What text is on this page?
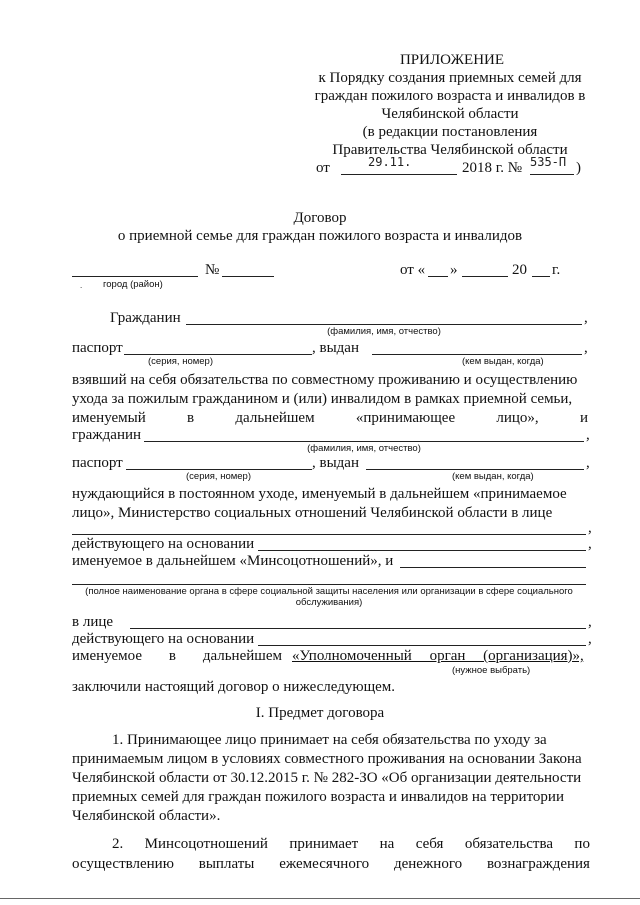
ПРИЛОЖЕНИЕ
к Порядку создания приемных семей для
граждан пожилого возраста и инвалидов в
Челябинской области
(в редакции постановления
Правительства Челябинской области
от	29.11.	2018 г. № 535-П )
Договор
о приемной семье для граждан пожилого возраста и инвалидов
№	от « »	20 г.
. город (район)
Гражданин	,
(фамилия, имя, отчество)
паспорт	, выдан	,
(серия, номер)	(кем выдан, когда)
взявший на себя обязательства по совместному проживанию и осуществлению
ухода за пожилым гражданином и (или) инвалидом в рамках приемной семьи,
именуемый	в	дальнейшем	«принимающее	лицо»,	и
гражданин	,
(фамилия, имя, отчество)
паспорт	, выдан	,
(серия, номер)	(кем выдан, когда)
нуждающийся в постоянном уходе, именуемый в дальнейшем «принимаемое
лицо», Министерство социальных отношений Челябинской области в лице
,
действующего на основании	,
именуемое в дальнейшем «Минсоцотношений», и
(полное наименование органа в сфере социальной защиты населения или организации в сфере социального
обслуживания)
в лице	,
действующего на основании	,
именуемое в дальнейшем «Уполномоченный орган (организация)»,
(нужное выбрать)
заключили настоящий договор о нижеследующем.
I. Предмет договора
1. Принимающее лицо принимает на себя обязательства по уходу за
принимаемым лицом в условиях совместного проживания на основании Закона
Челябинской области от 30.12.2015 г. № 282-ЗО «Об организации деятельности
приемных семей для граждан пожилого возраста и инвалидов на территории
Челябинской области».
2. Минсоцотношений принимает на себя обязательства по
осуществлению выплаты ежемесячного денежного вознаграждения
